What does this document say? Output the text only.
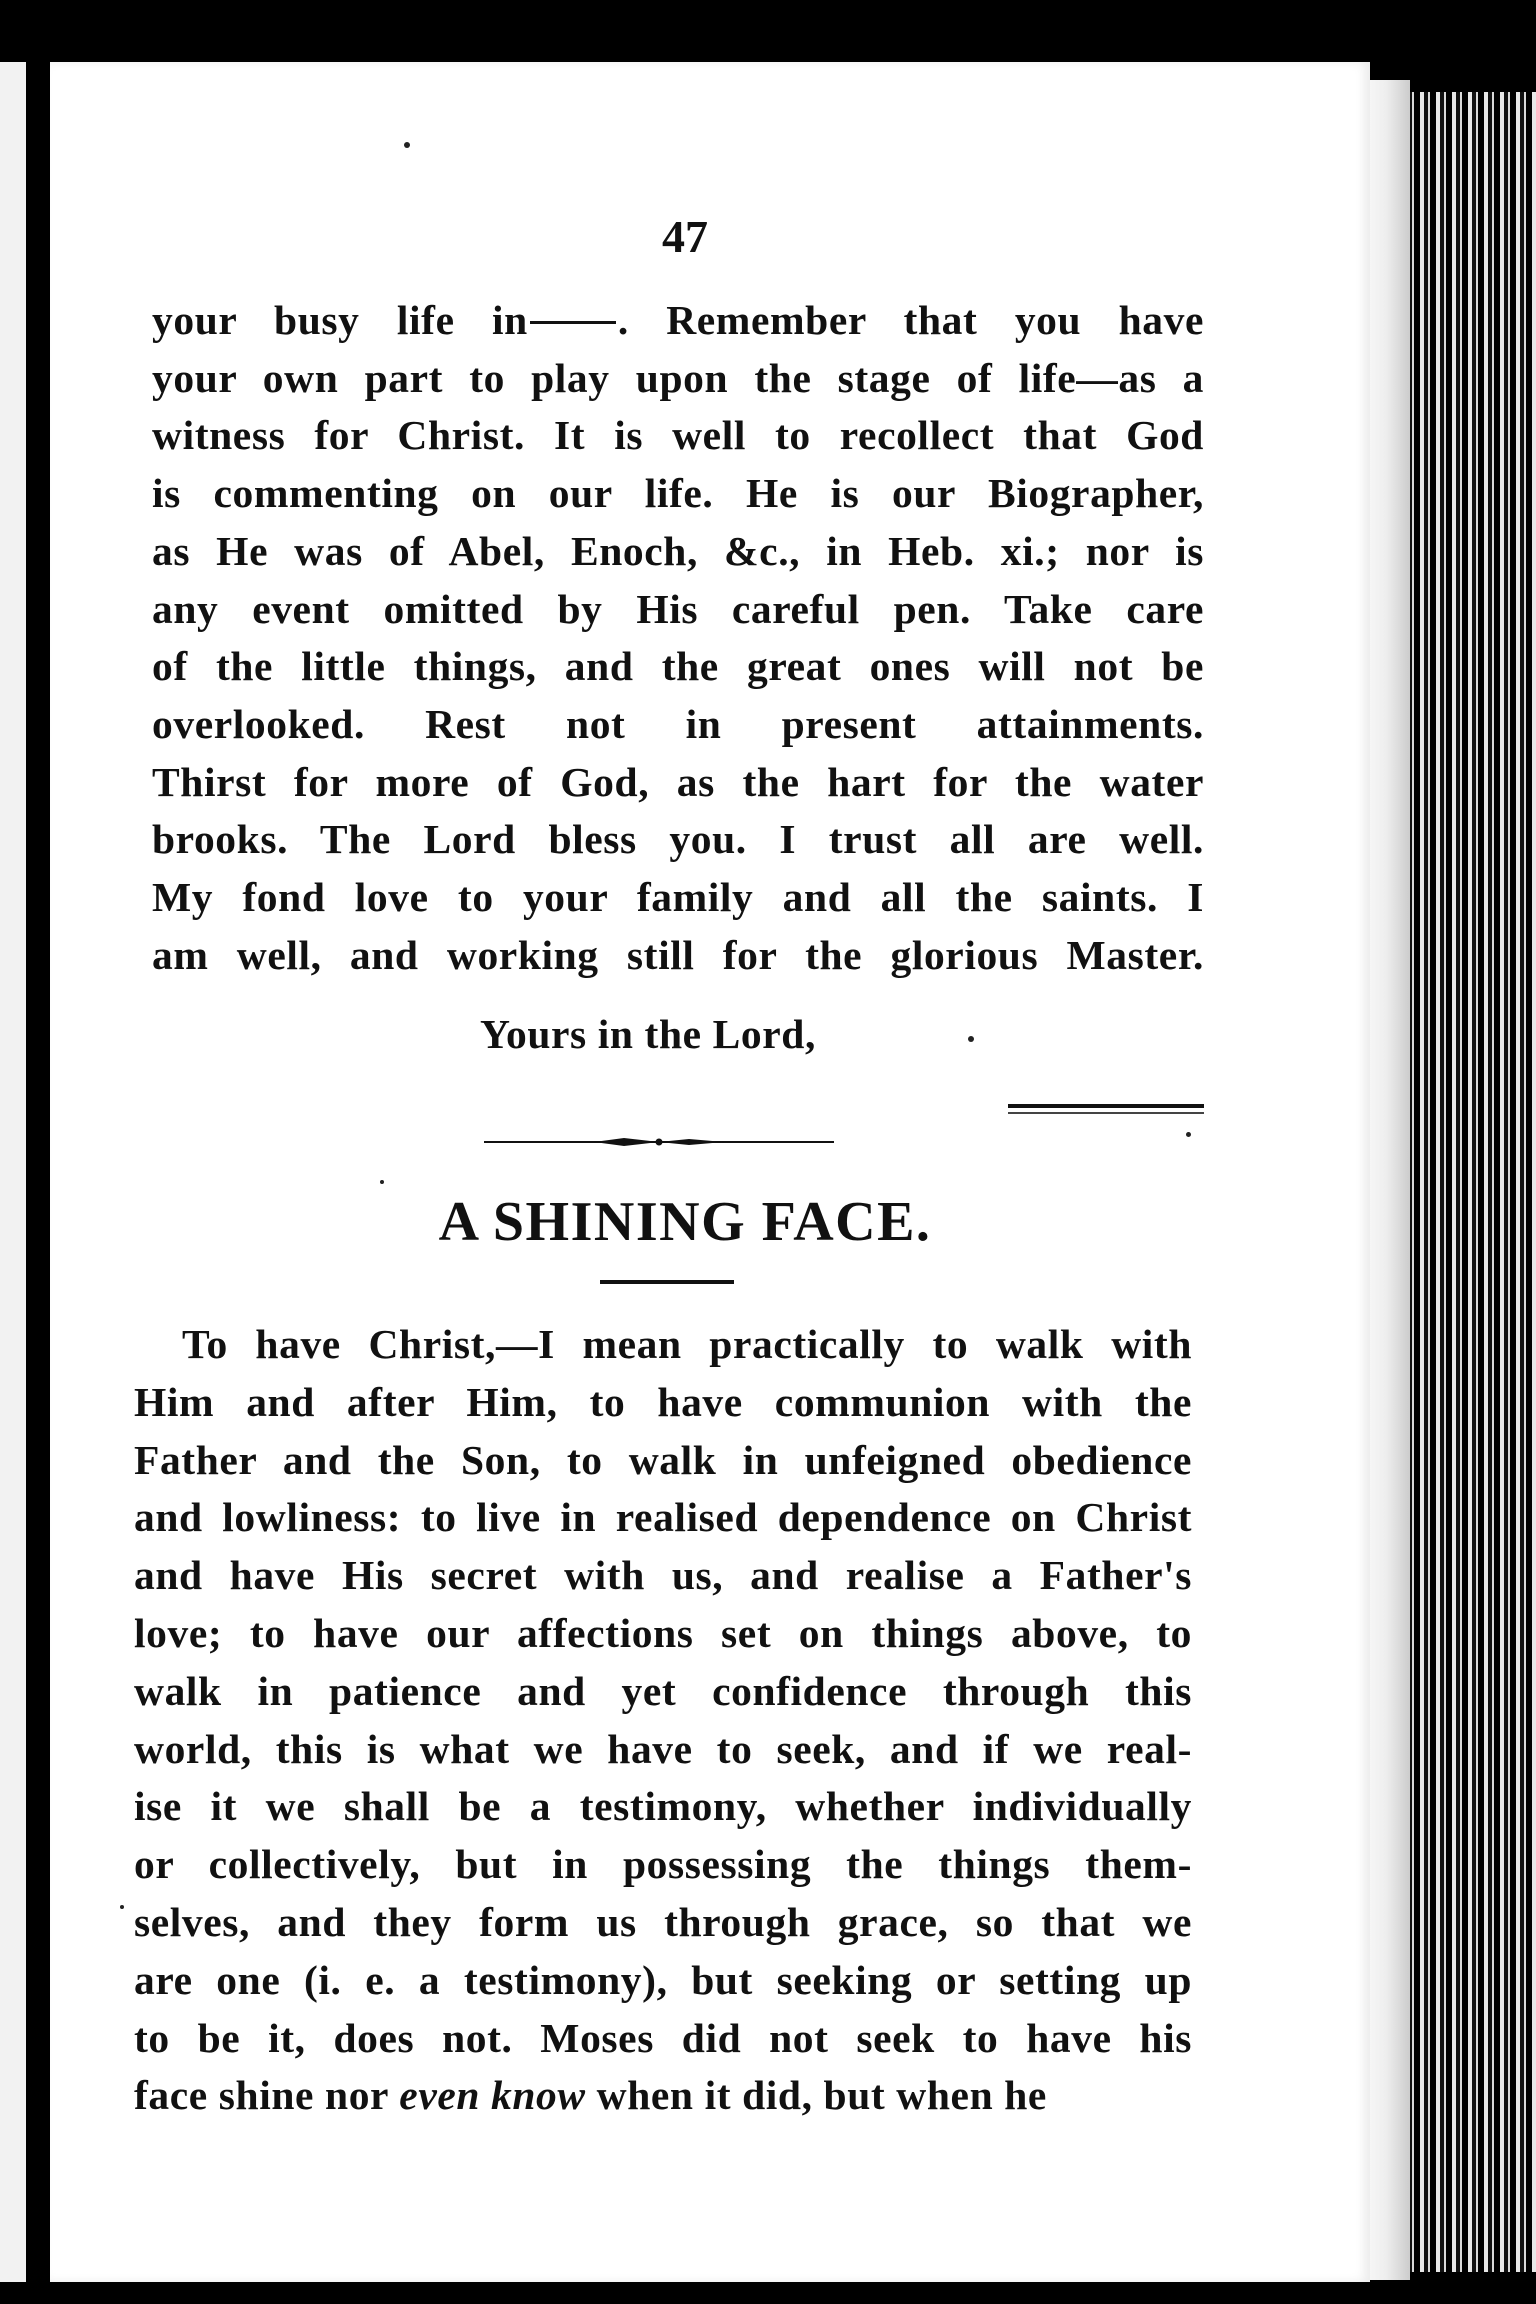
47
your busy life in . Remember that you have
your own part to play upon the stage of life—as a
witness for Christ. It is well to recollect that God
is commenting on our life. He is our Biographer,
as He was of Abel, Enoch, &c., in Heb. xi.; nor is
any event omitted by His careful pen. Take care
of the little things, and the great ones will not be
overlooked. Rest not in present attainments.
Thirst for more of God, as the hart for the water
brooks. The Lord bless you. I trust all are well.
My fond love to your family and all the saints. I
am well, and working still for the glorious Master.
Yours in the Lord,
A SHINING FACE.
To have Christ,—I mean practically to walk with
Him and after Him, to have communion with the
Father and the Son, to walk in unfeigned obedience
and lowliness: to live in realised dependence on Christ
and have His secret with us, and realise a Father's
love; to have our affections set on things above, to
walk in patience and yet confidence through this
world, this is what we have to seek, and if we real-
ise it we shall be a testimony, whether individually
or collectively, but in possessing the things them-
selves, and they form us through grace, so that we
are one (i. e. a testimony), but seeking or setting up
to be it, does not. Moses did not seek to have his
face shine nor even know when it did, but when he
